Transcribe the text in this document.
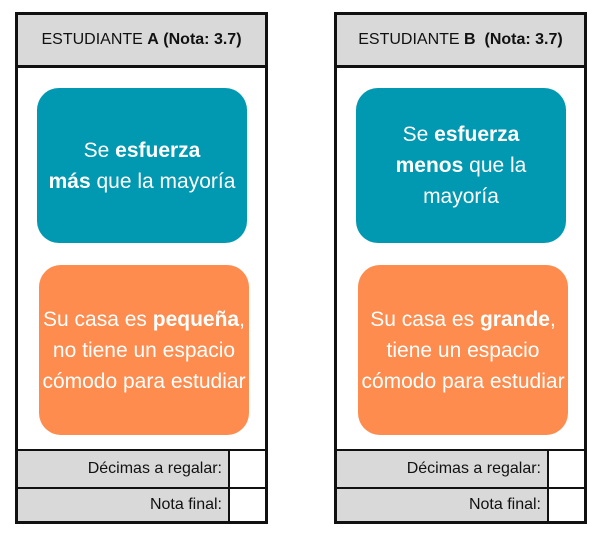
ESTUDIANTE A (Nota: 3.7)
Se esfuerza
más que la mayoría
Su casa es pequeña, no tiene un espacio cómodo para estudiar
Décimas a regalar:
Nota final:
ESTUDIANTE B (Nota: 3.7)
Se esfuerza
menos que la mayoría
Su casa es grande, tiene un espacio cómodo para estudiar
Décimas a regalar:
Nota final:
